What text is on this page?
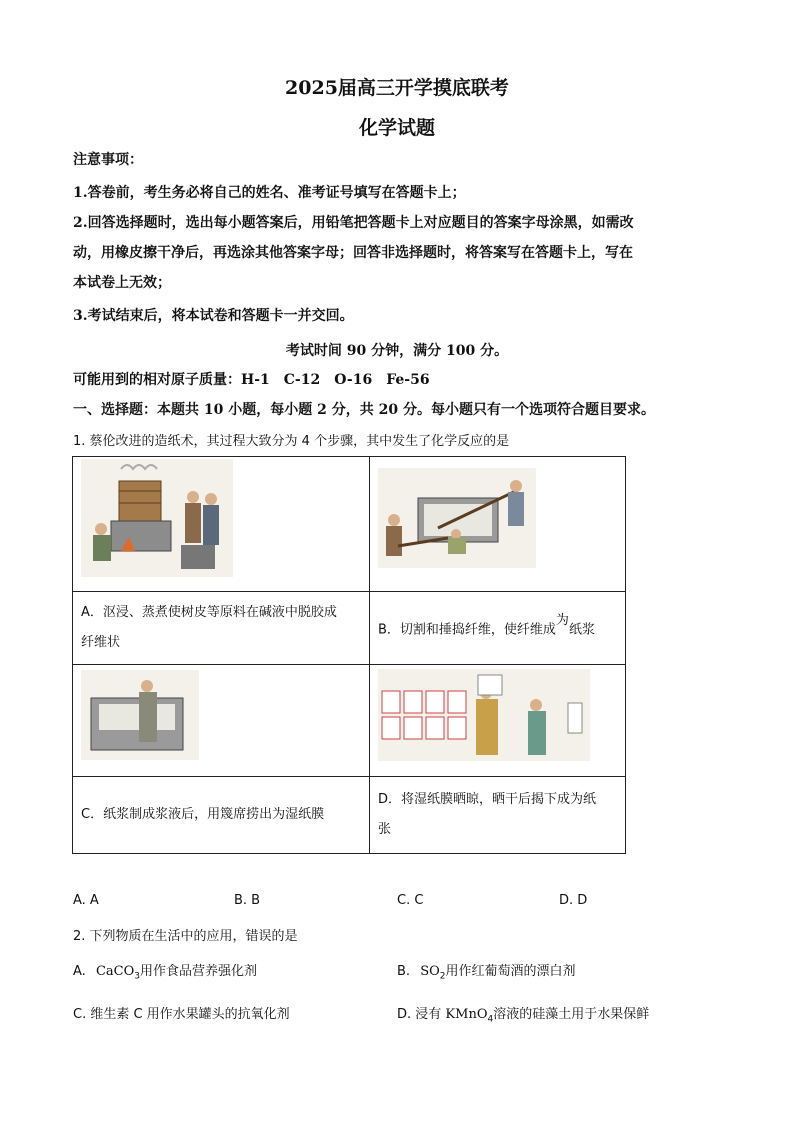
2025届高三开学摸底联考
化学试题
注意事项：
1.答卷前，考生务必将自己的姓名、准考证号填写在答题卡上；
2.回答选择题时，选出每小题答案后，用铅笔把答题卡上对应题目的答案字母涂黑，如需改
动，用橡皮擦干净后，再选涂其他答案字母；回答非选择题时，将答案写在答题卡上，写在
本试卷上无效；
3.考试结束后，将本试卷和答题卡一并交回。
考试时间 90 分钟，满分 100 分。
可能用到的相对原子质量：H-1　C-12　O-16　Fe-56
一、选择题：本题共 10 小题，每小题 2 分，共 20 分。每小题只有一个选项符合题目要求。
1. 蔡伦改进的造纸术，其过程大致分为 4 个步骤，其中发生了化学反应的是

A．沤浸、蒸煮使树皮等原料在碱液中脱胶成
纤维状	B．切割和捶捣纤维，使纤维成$^为$纸浆

C．纸浆制成浆液后，用篾席捞出为湿纸膜	D．将湿纸膜晒晾，晒干后揭下成为纸
张
A. A	B. B	C. C	D. D
2. 下列物质在生活中的应用，错误的是
A. CaCO$_3$用作食品营养强化剂	B. $SO_2$用作红葡萄酒的漂白剂
C. 维生素 C 用作水果罐头的抗氧化剂	D. 浸有 KMnO$_4$溶液的硅藻土用于水果保鲜
